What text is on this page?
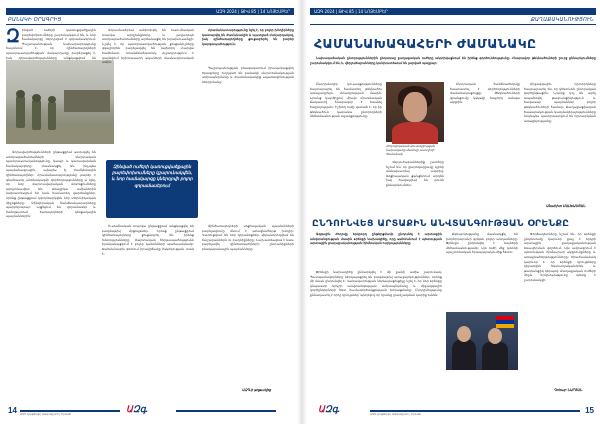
ԱԶԳ 2024 | ԹԻՎ 85 | 14 ՆՈՅԵՄԲԵՐ
ԲԱՆԱԿԻ ՕՐԱԳՐԻՑ
Զ ինված ուժերի կառուցվածքային բարեփոխումները շարունակվում են, և նոր համակարգը ներդրվում է զորամասերում։ Պաշտպանության նախարարությունը հայտնում է, որ զինծառայողների պատրաստվածության մակարդակը բարձրացել է, իսկ զորավարժությունները անցկացվում են

Զորավարժությունների ընթացքում ստուգվել են ստորաբաժանումների մարտական պատրաստականությունը, կապի և կառավարման համակարգերը։ Մասնակցել են ինչպես պայմանագրային, այնպես էլ ժամկետային զինծառայողներ։ Հրամանատարությունը բարձր է գնահատել անձնակազմի գործողությունները և նշել, որ նոր մարտավարական մոտեցումները արդյունավետ են։ Առաջիկա ամիսներին նախատեսվում են նաև համատեղ վարժանքներ, որոնց ընթացքում կփորձարկվեն նոր տեխնիկական միջոցները։ Զինվորական հանձնակատարները պարբերաբար այցելում են զորամասեր և ծանոթանում ծառայողների կենցաղային պայմաններին։

Զորամասերում ամփոփվել են ուսումնական տարվա արդյունքները, և լավագույն ստորաբաժանումները արժանացել են խրախուսանքի։ Նշվել է, որ պատրաստվածության ցուցանիշները զգալիորեն բարելավվել են նախորդ տարվա համեմատ։ Առանձնահատուկ ուշադրություն է դարձվում երիտասարդ սպաների մասնագիտական աճին։

Զինված ուժերի կառուցվածքային բարեփոխումները կշարունակվեն, և նոր համակարգը կներդրվի բոլոր զորամասերում

Ուսումնական տարվա ընթացքում անցկացվել են բազմաթիվ մրցույթներ, որոնց ընթացքում զինծառայողները ցուցադրել են իրենց հմտությունները։ Մարտական հերթապահությունն իրականացվում է բոլոր կանոնների պահպանմամբ։ Սահմանային գոտում իրավիճակը հսկողության տակ է։

Հրամանատարությունը նշել է, որ բոլոր խնդիրները կատարվել են ժամանակին և պատշաճ մակարդակով, իսկ զինծառայողները ցուցաբերել են բարձր կարգապահություն։

Պաշտպանության բնագավառում իրականացվող ծրագրերը ուղղված են բանակի մարտունակության ամրապնդմանը և ժամանակակից սպառազինության ներդրմանը։

Զինծառայողների սոցիալական պայմանների բարելավումը մնում է առաջնահերթ խնդիր։ Կառուցվում են նոր զորանոցներ, վերանորոգվում են ճաշարաններն ու բաղնիքները։ Նախատեսվում է նաև բարելավել զինծառայողների ընտանիքների բնակարանային պայմանները։

ԱԶԳ-ի թղթակից
14	ԱԶգ.
ԱԶԳ օրաթերթ | www.azg.am | Երևան
ԱԶԳ 2024 | ԹԻՎ 85 | 14 ՆՈՅԵՄԲԵՐ
ՔԱՂԱՔԱԿԱՆՈՒԹՅՈՒՆ
ՀԱՄԱՆԱԽԱԳԱՀԵՐԻ ԺԱՄԱՆԱԿԸ

Նախագահական ընտրություններին ընդառաջ քաղաքական ուժերը ակտիվացնում են իրենց գործունեությունը։ Հնարավոր թեկնածուների շուրջ քննարկումները շարունակվում են, և վերլուծաբանները կանխատեսում են լարված պայքար։

Ընդդիմադիր կուսակցությունները հայտարարել են համատեղ թեկնածու առաջադրելու մտադրության մասին։ Նրանց կարծիքով միայն միասնական ճակատով հնարավոր է հասնել հաջողության։ Իշխող ուժը վստահ է, որ իր թեկնածուն կստանա ընտրողների մեծամասնության աջակցությունը։

Ժողովրդական կուսակցության նախագահը մամուլի ասուլիսի ժամանակ

Վերլուծաբաններից շատերը նշում են, որ քարոզարշավը կլինի աննախադեպ ակտիվ։ Սոցիալական ցանցերում արդեն իսկ ծավալվում են բուռն քննարկումներ։

Ընտրական հանձնաժողովը հաստատել է գործողությունների ժամանակացույցը։ Թեկնածուների գրանցումը կսկսվի հաջորդ ամսվա սկզբին։

Միջազգային դիտորդները հայտարարել են, որ կհետևեն ընտրական գործընթացին։ Նրանք կոչ են արել ապահովել թափանցիկություն և հավասար պայմաններ բոլոր թեկնածուների համար։ Քաղաքացիական հասարակության կազմակերպությունները նույնպես պատրաստվում են դիտարկման առաքելությանը։

Անահիտ ՄԱԼԽԱՍՅԱՆ
ԸՆԴՈՒՆՎԵՑ ԱՐՏԱՔԻՆ ԱՆՎՏԱՆԳՈՒԹՅԱՆ ՕՐԵՆՔԸ

Ազգային ժողովը երկրորդ ընթերցմամբ ընդունել է արտաքին անվտանգության մասին օրենքի նախագիծը, որը սահմանում է պետության արտաքին քաղաքականության հիմնական ուղղությունները։

Օրենքի նախագիծը քննարկվել է մի քանի ամիս շարունակ։ Պատգամավորները ներկայացրել են բազմաթիվ առաջարկություններ, որոնց մի մասն ընդունվել է։ Կառավարության ներկայացուցիչը նշել է, որ նոր օրենքը կնպաստի երկրի անվտանգության ամրապնդմանը և միջազգային գործընկերների հետ համագործակցության խորացմանը։ Ընդդիմությունը քննադատել է որոշ դրույթներ՝ պնդելով, որ դրանք լրամշակման կարիք ունեն։

Քվեարկությանը մասնակցել են խորհրդարանի գրեթե բոլոր անդամները։ Օրենքն ընդունվել է ձայների մեծամասնությամբ։ Այն ուժի մեջ կմտնի պաշտոնական հրապարակումից հետո։

Փորձագետները նշում են, որ օրենքի ընդունումը կարևոր քայլ է երկրի արտաքին քաղաքականության ձևավորման գործում։ Այն ամրագրում է պետության հիմնարար սկզբունքները և առաջնահերթությունները։ Միաժամանակ կարևոր է, որ օրենքի դրույթները կիրառվեն հետևողականորեն և թափանցիկ կերպով։ Քաղաքական ուժերի միջև երկխոսությունը պետք է շարունակվի։

Գոհար ՆԱՐՅԱՆ
ԱԶգ.
ԱԶԳ օրաթերթ | www.azg.am | Երևան	15
